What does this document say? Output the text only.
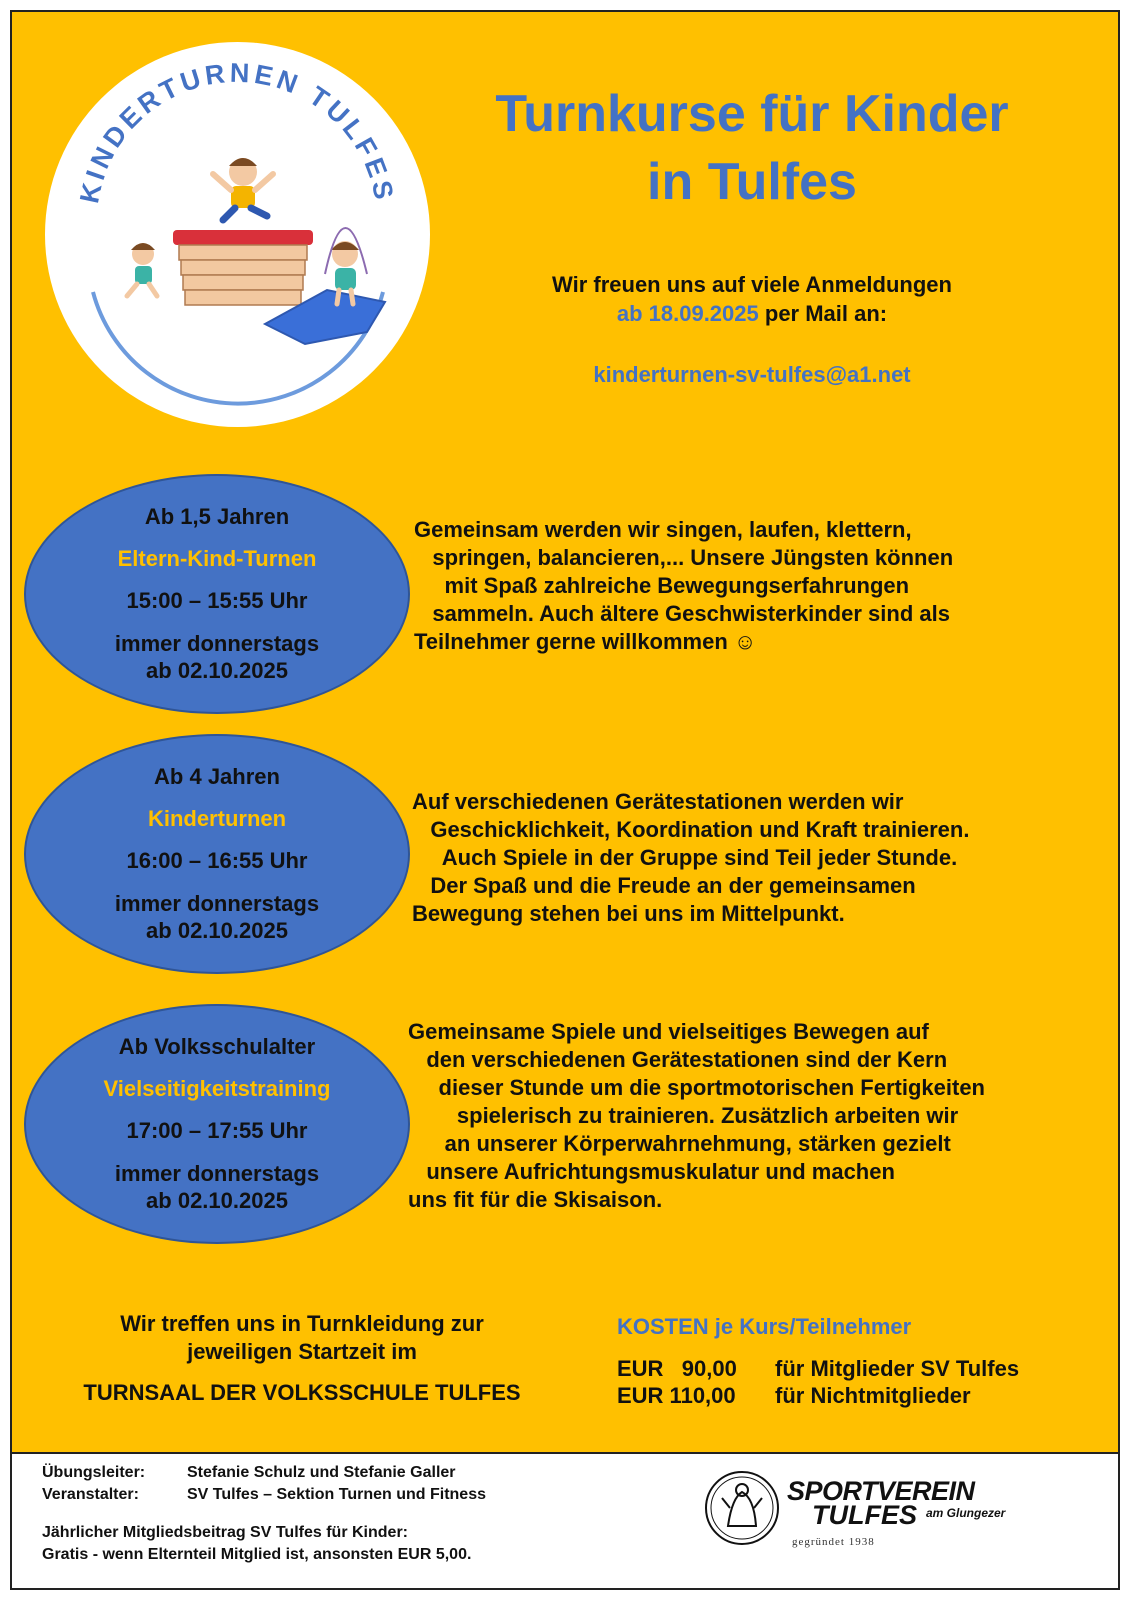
KINDERTURNEN TULFES
Turnkurse für Kinder
in Tulfes
Wir freuen uns auf viele Anmeldungen
ab 18.09.2025 per Mail an:
kinderturnen-sv-tulfes@a1.net
Ab 1,5 Jahren
Eltern-Kind-Turnen
15:00 – 15:55 Uhr
immer donnerstags
ab 02.10.2025
Gemeinsam werden wir singen, laufen, klettern,
springen, balancieren,... Unsere Jüngsten können
mit Spaß zahlreiche Bewegungserfahrungen
sammeln. Auch ältere Geschwisterkinder sind als
Teilnehmer gerne willkommen ☺
Ab 4 Jahren
Kinderturnen
16:00 – 16:55 Uhr
immer donnerstags
ab 02.10.2025
Auf verschiedenen Gerätestationen werden wir
Geschicklichkeit, Koordination und Kraft trainieren.
Auch Spiele in der Gruppe sind Teil jeder Stunde.
Der Spaß und die Freude an der gemeinsamen
Bewegung stehen bei uns im Mittelpunkt.
Ab Volksschulalter
Vielseitigkeitstraining
17:00 – 17:55 Uhr
immer donnerstags
ab 02.10.2025
Gemeinsame Spiele und vielseitiges Bewegen auf
den verschiedenen Gerätestationen sind der Kern
dieser Stunde um die sportmotorischen Fertigkeiten
spielerisch zu trainieren. Zusätzlich arbeiten wir
an unserer Körperwahrnehmung, stärken gezielt
unsere Aufrichtungsmuskulatur und machen
uns fit für die Skisaison.
Wir treffen uns in Turnkleidung zur
jeweiligen Startzeit im
TURNSAAL DER VOLKSSCHULE TULFES
KOSTEN je Kurs/Teilnehmer
EUR   90,00 für Mitglieder SV Tulfes
EUR 110,00 für Nichtmitglieder
Übungsleiter:	Stefanie Schulz und Stefanie Galler
Veranstalter:	SV Tulfes – Sektion Turnen und Fitness
Jährlicher Mitgliedsbeitrag SV Tulfes für Kinder:
Gratis - wenn Elternteil Mitglied ist, ansonsten EUR 5,00.
SPORTVEREIN
TULFES am Glungezer
gegründet 1938
